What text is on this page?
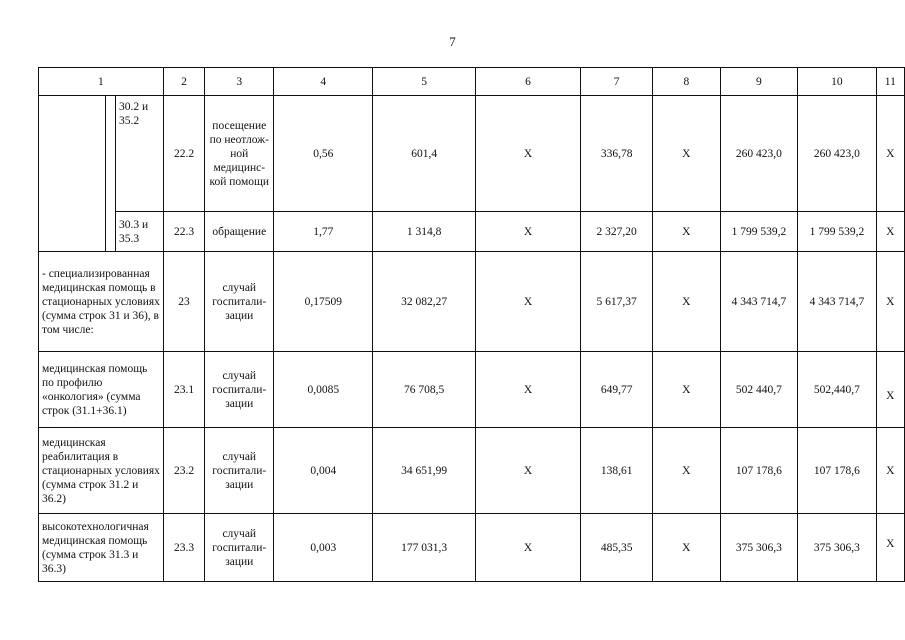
7
1			2	3	4	5	6	7	8	9	10	11
		30.2 и 35.2	22.2	посещение по неотлож-ной медицинс-кой помощи	0,56	601,4	Х	336,78	Х	260 423,0	260 423,0	Х
		30.3 и 35.3	22.3	обращение	1,77	1 314,8	Х	2 327,20	Х	1 799 539,2	1 799 539,2	Х
- специализированная медицинская помощь в стационарных условиях (сумма строк 31 и 36), в том числе:			23	случай госпитали-зации	0,17509	32 082,27	Х	5 617,37	Х	4 343 714,7	4 343 714,7	Х
медицинская помощь по профилю «онкология» (сумма строк (31.1+36.1)			23.1	случай госпитали-зации	0,0085	76 708,5	Х	649,77	Х	502 440,7	502,440,7	Х
медицинская реабилитация в стационарных условиях (сумма строк 31.2 и 36.2)			23.2	случай госпитали-зации	0,004	34 651,99	Х	138,61	Х	107 178,6	107 178,6	Х
высокотехнологичная медицинская помощь (сумма строк 31.3 и 36.3)			23.3	случай госпитали-зации	0,003	177 031,3	Х	485,35	Х	375 306,3	375 306,3	Х
